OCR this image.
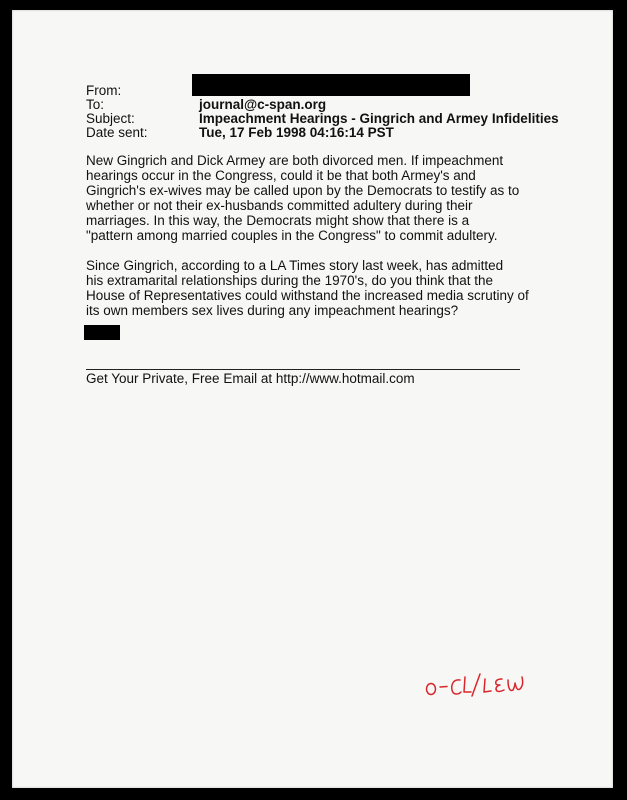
From:
To:	journal@c-span.org
Subject:	Impeachment Hearings - Gingrich and Armey Infidelities
Date sent:	Tue, 17 Feb 1998 04:16:14 PST

New Gingrich and Dick Armey are both divorced men. If impeachment
hearings occur in the Congress, could it be that both Armey's and
Gingrich's ex-wives may be called upon by the Democrats to testify as to
whether or not their ex-husbands committed adultery during their
marriages. In this way, the Democrats might show that there is a
"pattern among married couples in the Congress" to commit adultery.

Since Gingrich, according to a LA Times story last week, has admitted
his extramarital relationships during the 1970's, do you think that the
House of Representatives could withstand the increased media scrutiny of
its own members sex lives during any impeachment hearings?

Get Your Private, Free Email at http://www.hotmail.com
